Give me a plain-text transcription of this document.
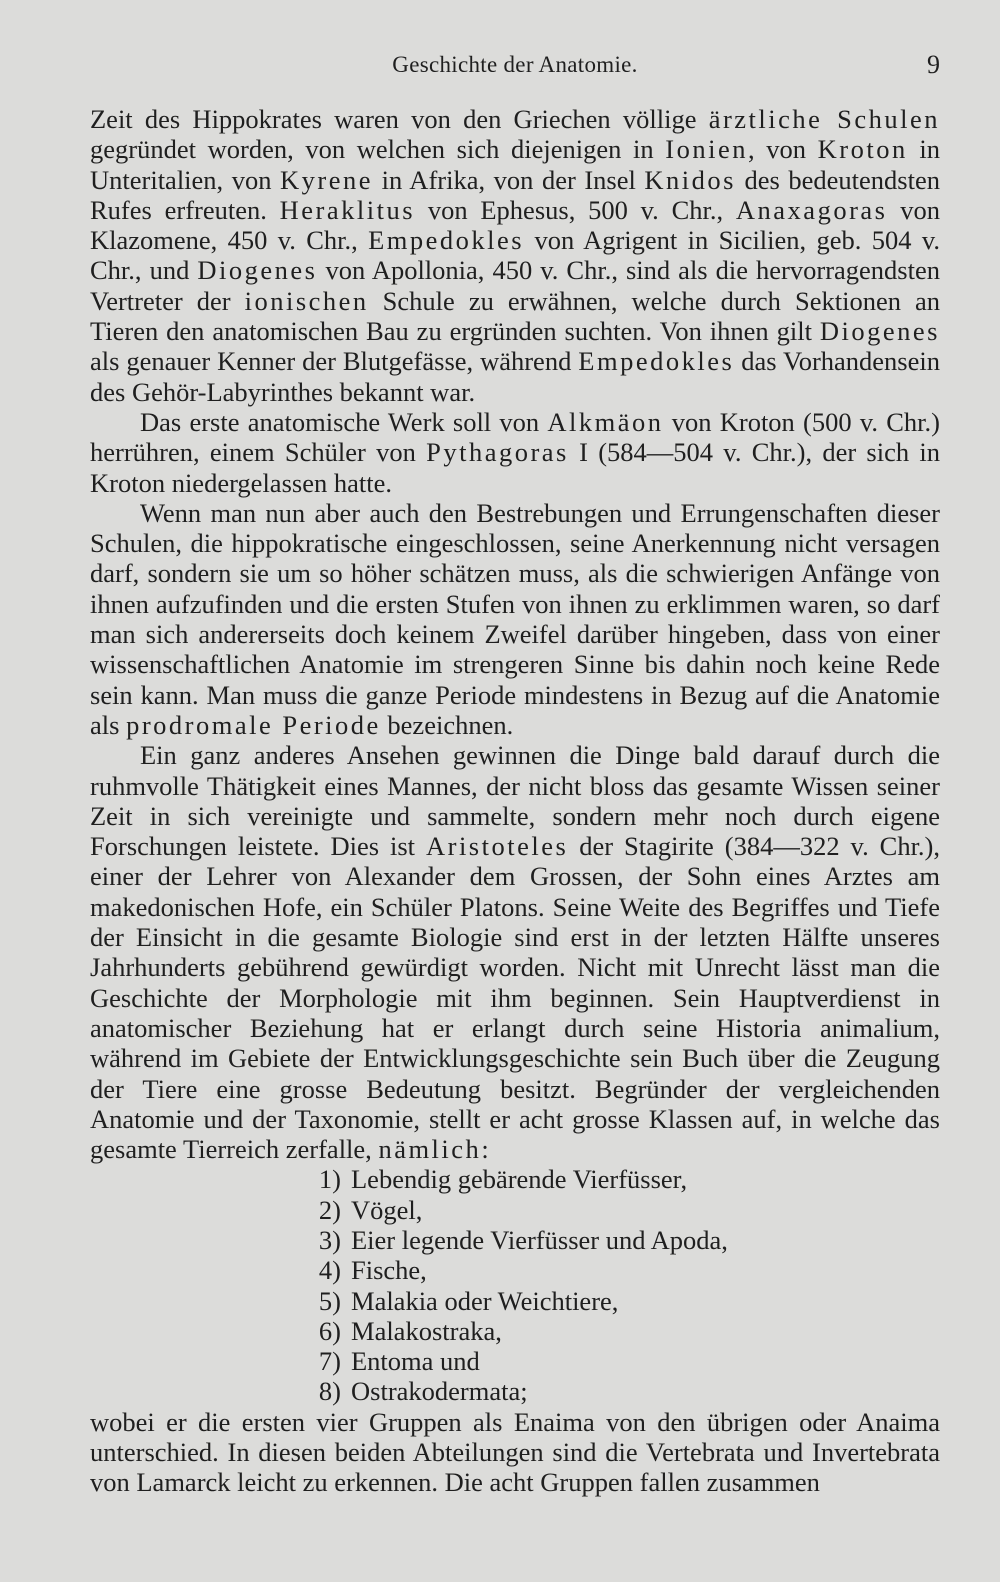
Geschichte der Anatomie.	9

Zeit des Hippokrates waren von den Griechen völlige ärztliche Schulen gegründet worden, von welchen sich diejenigen in Ionien, von Kroton in Unteritalien, von Kyrene in Afrika, von der Insel Knidos des bedeutendsten Rufes erfreuten. Heraklitus von Ephesus, 500 v. Chr., Anaxagoras von Klazomene, 450 v. Chr., Empedokles von Agrigent in Sicilien, geb. 504 v. Chr., und Diogenes von Apollonia, 450 v. Chr., sind als die hervorragendsten Vertreter der ionischen Schule zu erwähnen, welche durch Sektionen an Tieren den anatomischen Bau zu ergründen suchten. Von ihnen gilt Diogenes als genauer Kenner der Blutgefässe, während Empedokles das Vorhandensein des Gehör-Labyrinthes bekannt war.

Das erste anatomische Werk soll von Alkmäon von Kroton (500 v. Chr.) herrühren, einem Schüler von Pythagoras I (584—504 v. Chr.), der sich in Kroton niedergelassen hatte.

Wenn man nun aber auch den Bestrebungen und Errungenschaften dieser Schulen, die hippokratische eingeschlossen, seine Anerkennung nicht versagen darf, sondern sie um so höher schätzen muss, als die schwierigen Anfänge von ihnen aufzufinden und die ersten Stufen von ihnen zu erklimmen waren, so darf man sich andererseits doch keinem Zweifel darüber hingeben, dass von einer wissenschaftlichen Anatomie im strengeren Sinne bis dahin noch keine Rede sein kann. Man muss die ganze Periode mindestens in Bezug auf die Anatomie als prodromale Periode bezeichnen.

Ein ganz anderes Ansehen gewinnen die Dinge bald darauf durch die ruhmvolle Thätigkeit eines Mannes, der nicht bloss das gesamte Wissen seiner Zeit in sich vereinigte und sammelte, sondern mehr noch durch eigene Forschungen leistete. Dies ist Aristoteles der Stagirite (384—322 v. Chr.), einer der Lehrer von Alexander dem Grossen, der Sohn eines Arztes am makedonischen Hofe, ein Schüler Platons. Seine Weite des Begriffes und Tiefe der Einsicht in die gesamte Biologie sind erst in der letzten Hälfte unseres Jahrhunderts gebührend gewürdigt worden. Nicht mit Unrecht lässt man die Geschichte der Morphologie mit ihm beginnen. Sein Hauptverdienst in anatomischer Beziehung hat er erlangt durch seine Historia animalium, während im Gebiete der Entwicklungsgeschichte sein Buch über die Zeugung der Tiere eine grosse Bedeutung besitzt. Begründer der vergleichenden Anatomie und der Taxonomie, stellt er acht grosse Klassen auf, in welche das gesamte Tierreich zerfalle, nämlich:

1) Lebendig gebärende Vierfüsser,
2) Vögel,
3) Eier legende Vierfüsser und Apoda,
4) Fische,
5) Malakia oder Weichtiere,
6) Malakostraka,
7) Entoma und
8) Ostrakodermata;

wobei er die ersten vier Gruppen als Enaima von den übrigen oder Anaima unterschied. In diesen beiden Abteilungen sind die Vertebrata und Invertebrata von Lamarck leicht zu erkennen. Die acht Gruppen fallen zusammen
